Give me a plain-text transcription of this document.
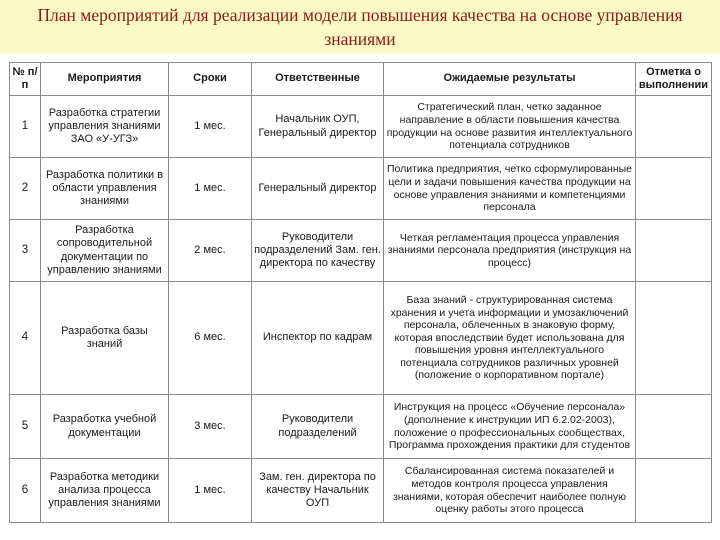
План мероприятий для реализации модели повышения качества на основе управления знаниями
№ п/п	Мероприятия	Сроки	Ответственные	Ожидаемые результаты	Отметка о выполнении
1	Разработка стратегии управления знаниями ЗАО «У-УГЗ»	1 мес.	Начальник ОУП, Генеральный директор	Стратегический план, четко заданное направление в области повышения качества продукции на основе развития интеллектуального потенциала сотрудников	
2	Разработка политики в области управления знаниями	1 мес.	Генеральный директор	Политика предприятия, четко сформулированные цели и задачи повышения качества продукции на основе управления знаниями и компетенциями персонала	
3	Разработка сопроводительной документации по управлению знаниями	2 мес.	Руководители подразделений Зам. ген. директора по качеству	Четкая регламентация процесса управления знаниями персонала предприятия (инструкция на процесс)	
4	Разработка базы знаний	6 мес.	Инспектор по кадрам	База знаний - структурированная система хранения и учета информации и умозаключений персонала, облеченных в знаковую форму, которая впоследствии будет использована для повышения уровня интеллектуального потенциала сотрудников различных уровней (положение о корпоративном портале)	
5	Разработка учебной документации	3 мес.	Руководители подразделений	Инструкция на процесс «Обучение персонала» (дополнение к инструкции ИП 6.2.02-2003), положение о профессиональных сообществах, Программа прохождения практики для студентов	
6	Разработка методики анализа процесса управления знаниями	1 мес.	Зам. ген. директора по качеству Начальник ОУП	Сбалансированная система показателей и методов контроля процесса управления знаниями, которая обеспечит наиболее полную оценку работы этого процесса	
